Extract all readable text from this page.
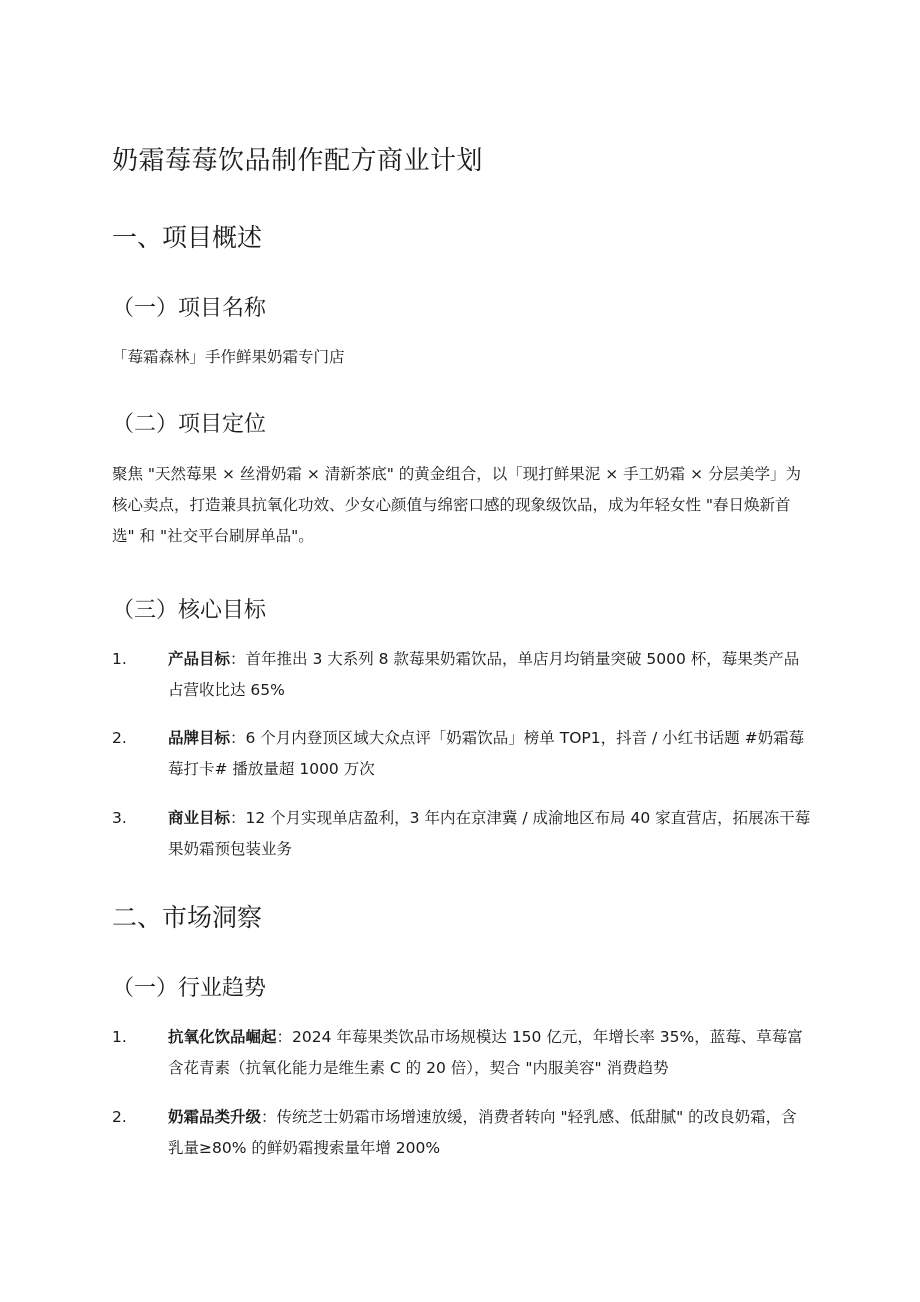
奶霜莓莓饮品制作配方商业计划
一、项目概述
（一）项目名称

「莓霜森林」手作鲜果奶霜专门店

（二）项目定位

聚焦 "天然莓果 × 丝滑奶霜 × 清新茶底" 的黄金组合，以「现打鲜果泥 × 手工奶霜 × 分层美学」为核心卖点，打造兼具抗氧化功效、少女心颜值与绵密口感的现象级饮品，成为年轻女性 "春日焕新首选" 和 "社交平台刷屏单品"。

（三）核心目标
1.	产品目标：首年推出 3 大系列 8 款莓果奶霜饮品，单店月均销量突破 5000 杯，莓果类产品占营收比达 65%
2.	品牌目标：6 个月内登顶区域大众点评「奶霜饮品」榜单 TOP1，抖音 / 小红书话题 #奶霜莓莓打卡# 播放量超 1000 万次
3.	商业目标：12 个月实现单店盈利，3 年内在京津冀 / 成渝地区布局 40 家直营店，拓展冻干莓果奶霜预包装业务
二、市场洞察
（一）行业趋势
1.	抗氧化饮品崛起：2024 年莓果类饮品市场规模达 150 亿元，年增长率 35%，蓝莓、草莓富含花青素（抗氧化能力是维生素 C 的 20 倍），契合 "内服美容" 消费趋势
2.	奶霜品类升级：传统芝士奶霜市场增速放缓，消费者转向 "轻乳感、低甜腻" 的改良奶霜，含乳量≥80% 的鲜奶霜搜索量年增 200%
